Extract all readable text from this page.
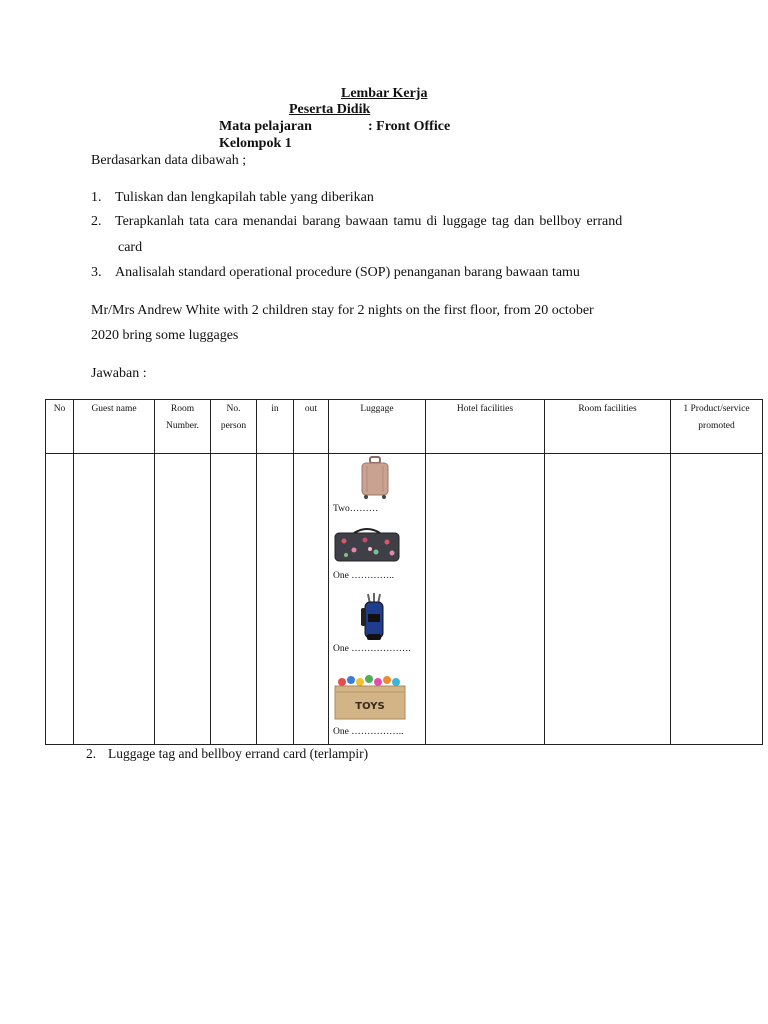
Lembar Kerja
Peserta Didik
Mata pelajaran	: Front Office
Kelompok 1
Berdasarkan data dibawah ;
1. Tuliskan dan lengkapilah table yang diberikan
2. Terapkanlah tata cara menandai barang bawaan tamu di luggage tag dan bellboy errand
card
3. Analisalah standard operational procedure (SOP) penanganan barang bawaan tamu
Mr/Mrs Andrew White with 2 children stay for 2 nights on the first floor, from 20 october
2020 bring some luggages
Jawaban :
No	Guest name	Room Number.	No. person	in	out	Luggage	Hotel facilities	Room facilities	1 Product/service promoted

						Two………
One …………..
One ……………….
TOYS
One ……………..			

2. Luggage tag and bellboy errand card (terlampir)
